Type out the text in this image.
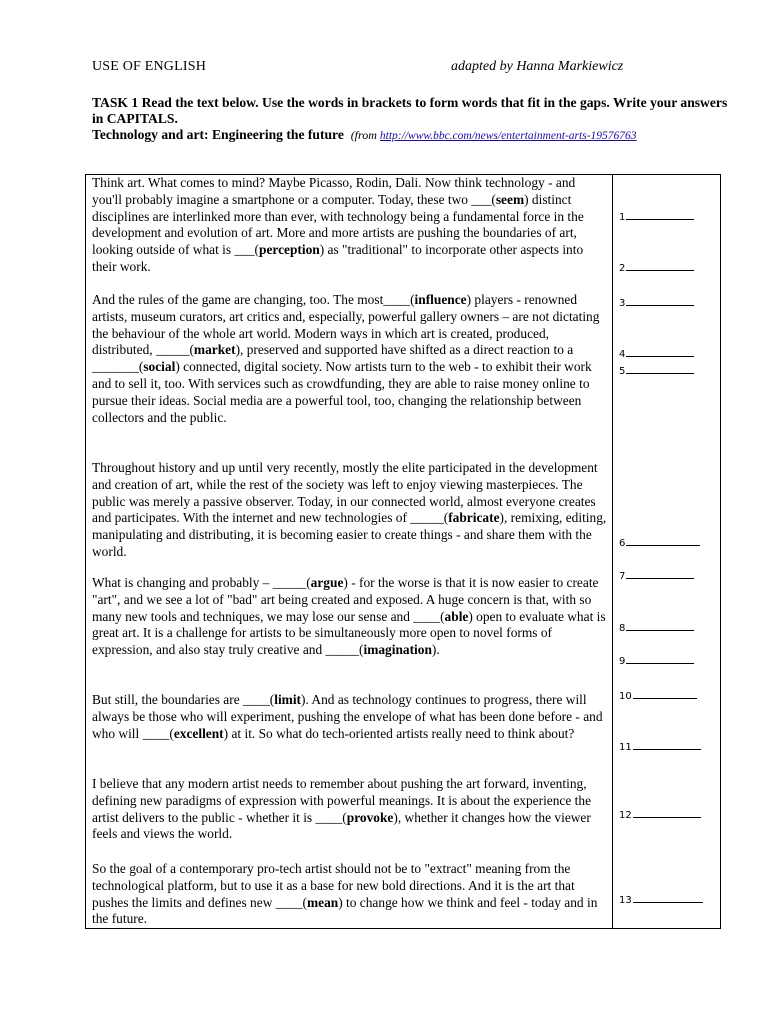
USE OF ENGLISH	adapted by Hanna Markiewicz
TASK 1 Read the text below. Use the words in brackets to form words that fit in the gaps. Write your answers in CAPITALS.
Technology and art: Engineering the future (from http://www.bbc.com/news/entertainment-arts-19576763

Think art. What comes to mind? Maybe Picasso, Rodin, Dali. Now think technology - and you'll probably imagine a smartphone or a computer. Today, these two ___(seem) distinct disciplines are interlinked more than ever, with technology being a fundamental force in the development and evolution of art. More and more artists are pushing the boundaries of art, looking outside of what is ___(perception) as "traditional" to incorporate other aspects into their work.

And the rules of the game are changing, too. The most____(influence) players - renowned artists, museum curators, art critics and, especially, powerful gallery owners – are not dictating the behaviour of the whole art world. Modern ways in which art is created, produced, distributed, _____(market), preserved and supported have shifted as a direct reaction to a _______(social) connected, digital society. Now artists turn to the web - to exhibit their work and to sell it, too. With services such as crowdfunding, they are able to raise money online to pursue their ideas. Social media are a powerful tool, too, changing the relationship between collectors and the public.

Throughout history and up until very recently, mostly the elite participated in the development and creation of art, while the rest of the society was left to enjoy viewing masterpieces. The public was merely a passive observer. Today, in our connected world, almost everyone creates and participates. With the internet and new technologies of _____(fabricate), remixing, editing, manipulating and distributing, it is becoming easier to create things - and share them with the world.

What is changing and probably – _____(argue) - for the worse is that it is now easier to create "art", and we see a lot of "bad" art being created and exposed. A huge concern is that, with so many new tools and techniques, we may lose our sense and ____(able) open to evaluate what is great art. It is a challenge for artists to be simultaneously more open to novel forms of expression, and also stay truly creative and _____(imagination).

But still, the boundaries are ____(limit). And as technology continues to progress, there will always be those who will experiment, pushing the envelope of what has been done before - and who will ____(excellent) at it. So what do tech-oriented artists really need to think about?

I believe that any modern artist needs to remember about pushing the art forward, inventing, defining new paradigms of expression with powerful meanings. It is about the experience the artist delivers to the public - whether it is ____(provoke), whether it changes how the viewer feels and views the world.

So the goal of a contemporary pro-tech artist should not be to "extract" meaning from the technological platform, but to use it as a base for new bold directions. And it is the art that pushes the limits and defines new ____(mean) to change how we think and feel - today and in the future.

1
2
3
4
5
6
7
8
9
10
11
12
13
